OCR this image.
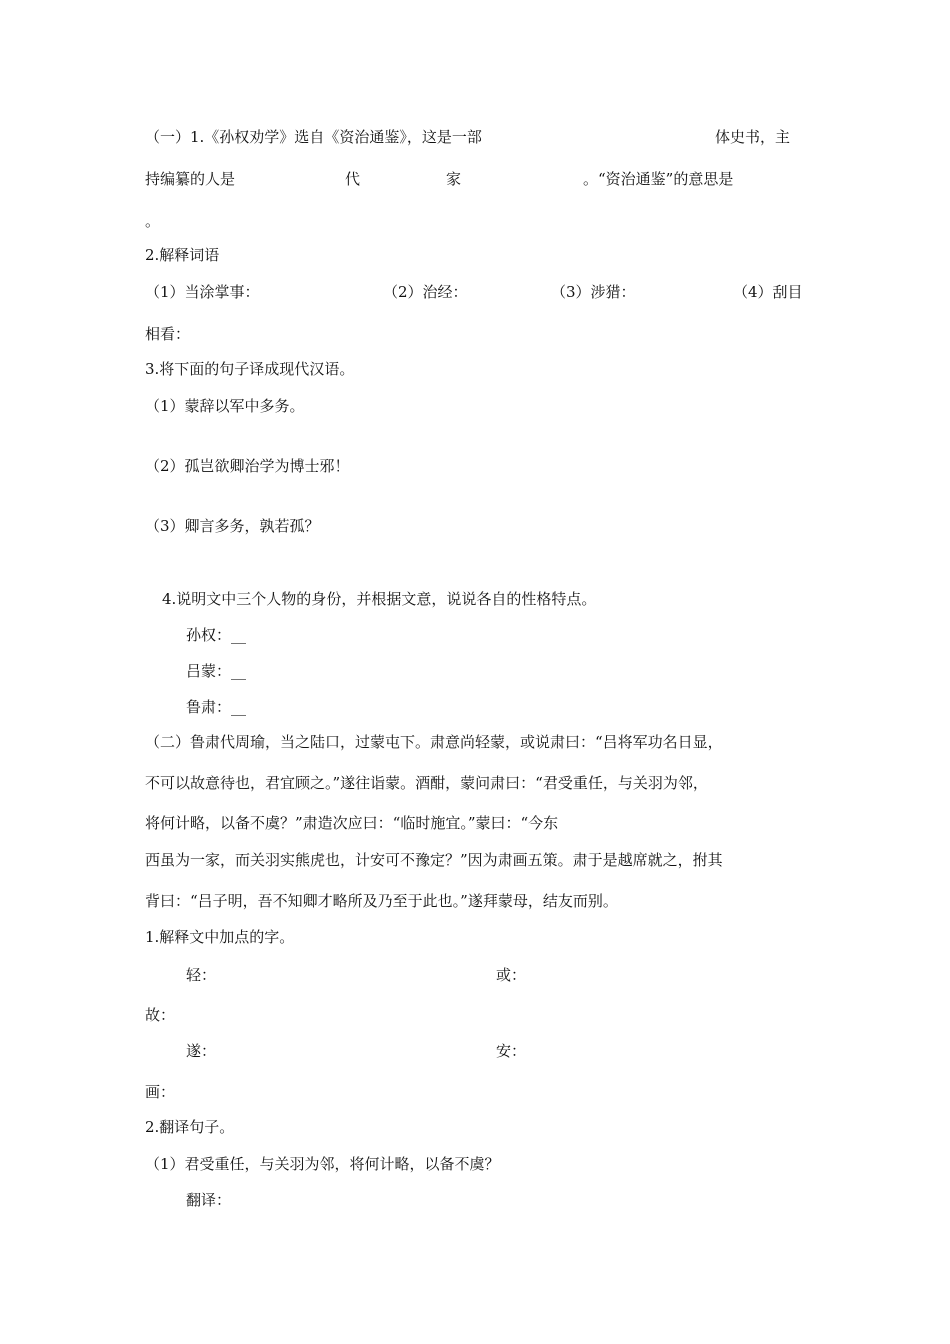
（一）1.《孙权劝学》选自《资治通鉴》，这是一部	体史书，主
持编纂的人是	代	家	。“资治通鉴”的意思是
。
2.解释词语
（1）当涂掌事：	（2）治经：	（3）涉猎：	（4）刮目
相看：
3.将下面的句子译成现代汉语。
（1）蒙辞以军中多务。
（2）孤岂欲卿治学为博士邪！
（3）卿言多务，孰若孤？
4.说明文中三个人物的身份，并根据文意，说说各自的性格特点。
孙权：__
吕蒙：__
鲁肃：__
（二）鲁肃代周瑜，当之陆口，过蒙屯下。肃意尚轻蒙，或说肃曰：“吕将军功名日显，
不可以故意待也，君宜顾之。”遂往诣蒙。酒酣，蒙问肃曰：“君受重任，与关羽为邻，
将何计略，以备不虞？”肃造次应曰：“临时施宜。”蒙曰：“今东
西虽为一家，而关羽实熊虎也，计安可不豫定？”因为肃画五策。肃于是越席就之，拊其
背曰：“吕子明，吾不知卿才略所及乃至于此也。”遂拜蒙母，结友而别。
1.解释文中加点的字。
轻：	或：
故：
遂：	安：
画：
2.翻译句子。
（1）君受重任，与关羽为邻，将何计略，以备不虞？
翻译：
